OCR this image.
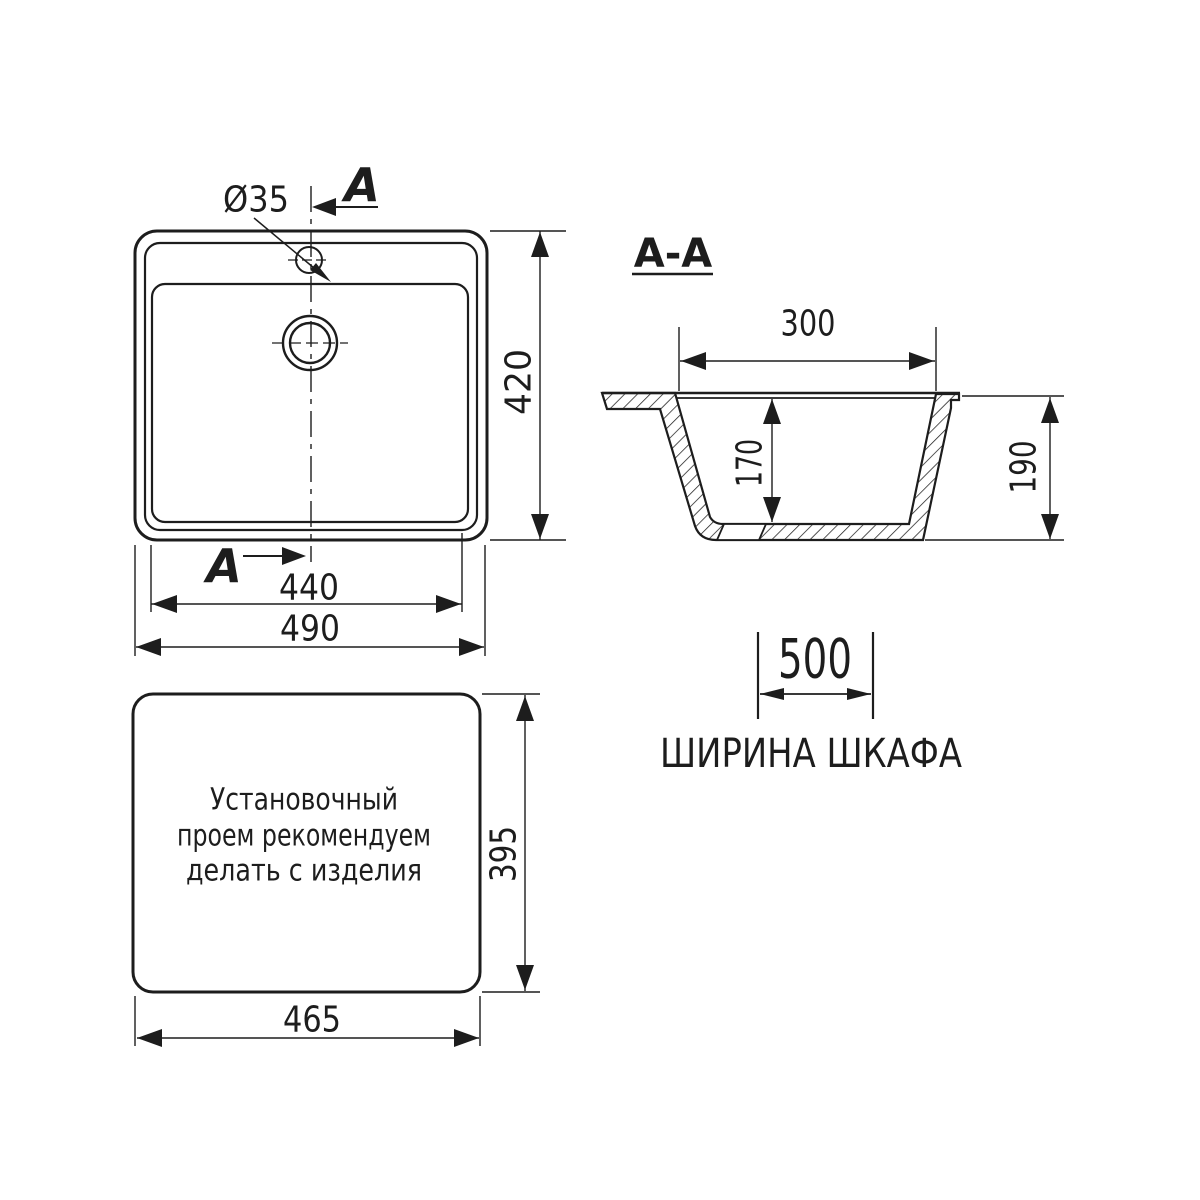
Ø35 A
A
420
440
490
A-A
300
170	190
500
ШИРИНА ШКАФА
Установочный
проем рекомендуем
делать с изделия
465
395
